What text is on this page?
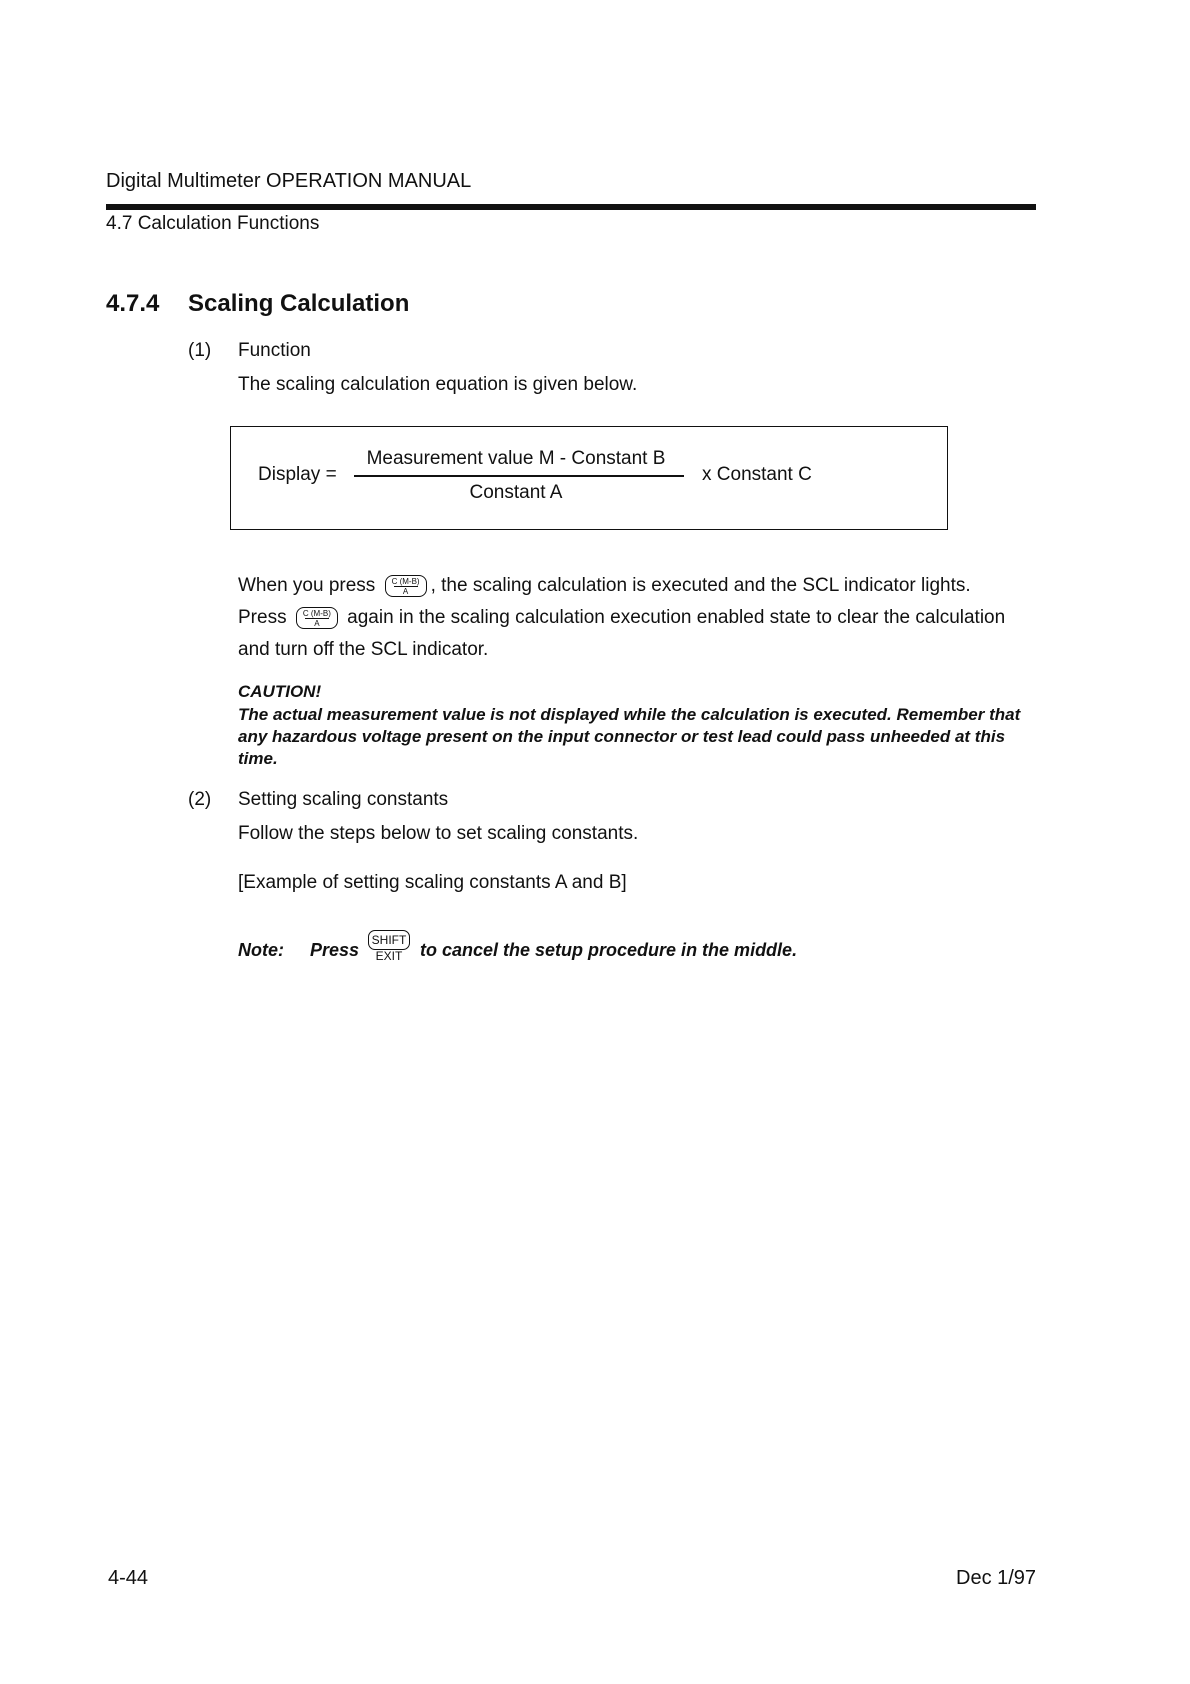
Digital Multimeter OPERATION MANUAL
4.7 Calculation Functions
4.7.4 Scaling Calculation
(1) Function
The scaling calculation equation is given below.
Display =
Measurement value M - Constant B
Constant A
x Constant C
When you press $\frac{C (M-B)}{A}$ , the scaling calculation is executed and the SCL indicator lights.
Press $\frac{C (M-B)}{A}$ again in the scaling calculation execution enabled state to clear the calculation
and turn off the SCL indicator.
CAUTION!
The actual measurement value is not displayed while the calculation is executed. Remember that any hazardous voltage present on the input connector or test lead could pass unheeded at this time.
(2) Setting scaling constants
Follow the steps below to set scaling constants.
[Example of setting scaling constants A and B]
Note: Press	SHIFT
EXIT to cancel the setup procedure in the middle.
4-44	Dec 1/97
